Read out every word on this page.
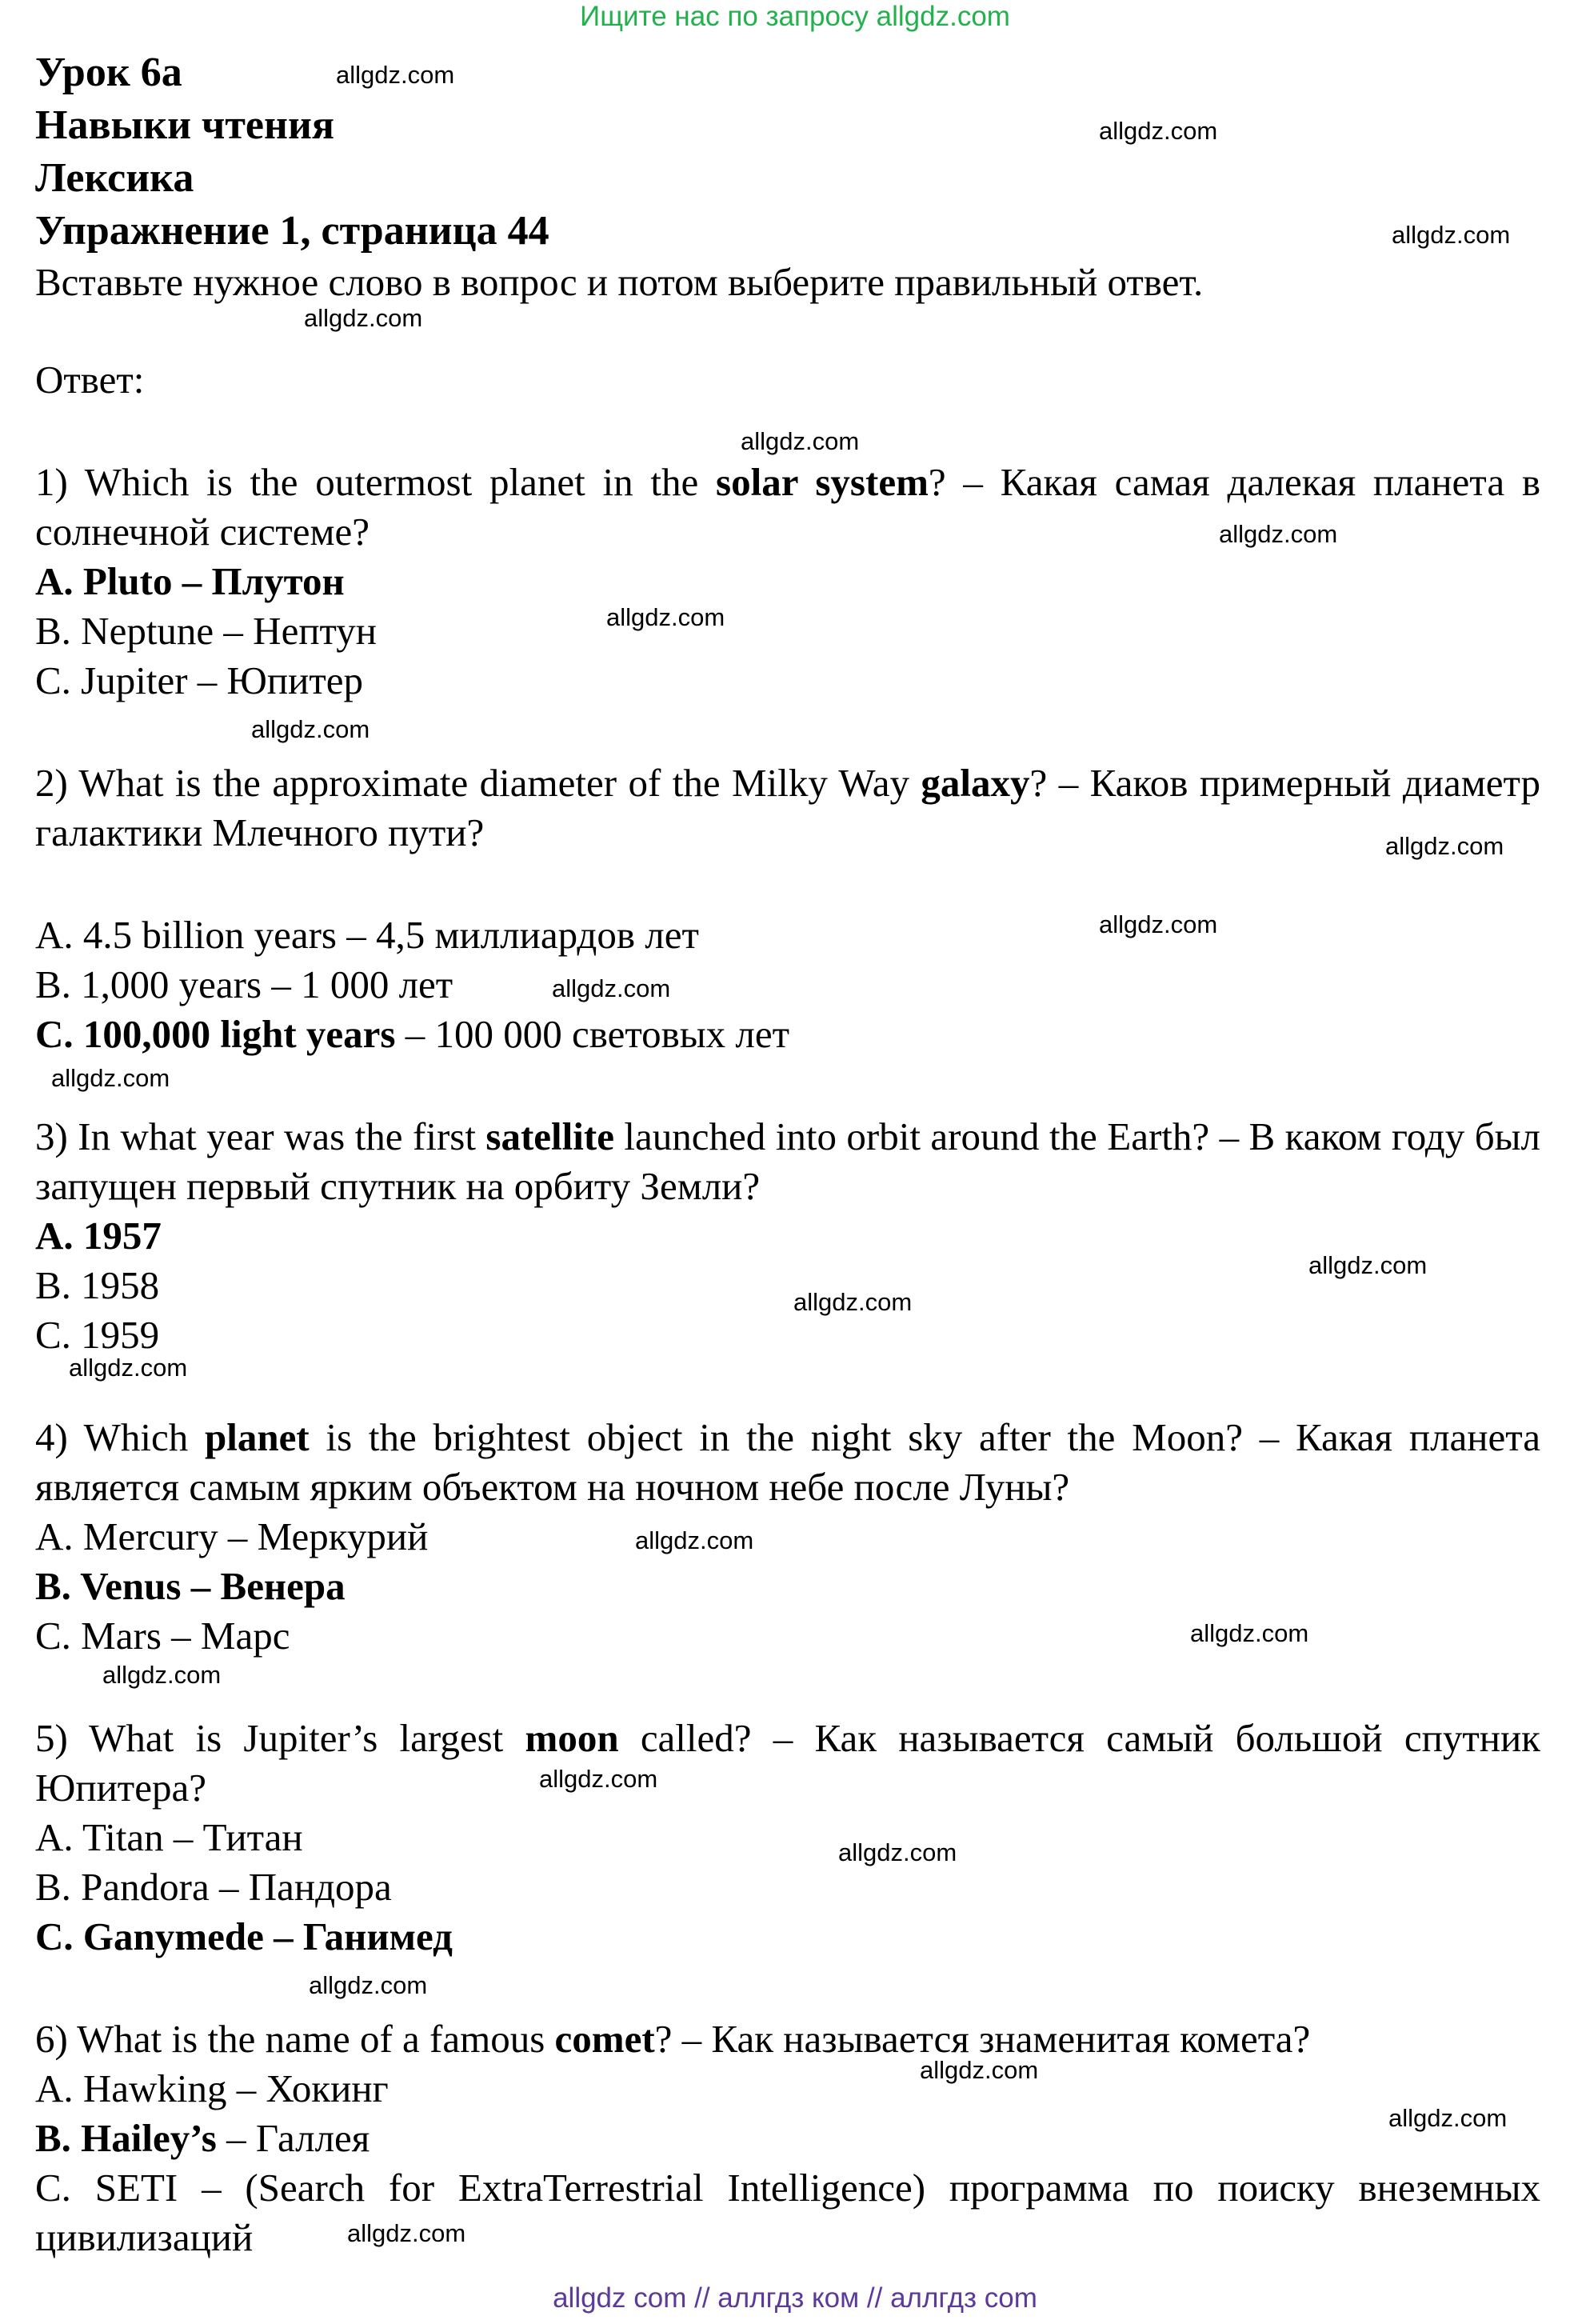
Ищите нас по запросу allgdz.com
Урок 6а
Навыки чтения
Лексика
Упражнение 1, страница 44
Вставьте нужное слово в вопрос и потом выберите правильный ответ.
Ответ:
1) Which is the outermost planet in the solar system? – Какая самая далекая планета в солнечной системе?
A. Pluto – Плутон
B. Neptune – Нептун
C. Jupiter – Юпитер
2) What is the approximate diameter of the Milky Way galaxy? – Каков примерный диаметр галактики Млечного пути?
A. 4.5 billion years – 4,5 миллиардов лет
B. 1,000 years – 1 000 лет
C. 100,000 light years – 100 000 световых лет
3) In what year was the first satellite launched into orbit around the Earth? – В каком году был запущен первый спутник на орбиту Земли?
A. 1957
B. 1958
C. 1959
4) Which planet is the brightest object in the night sky after the Moon? – Какая планета является самым ярким объектом на ночном небе после Луны?
A. Mercury – Меркурий
B. Venus – Венера
C. Mars – Марс
5) What is Jupiter’s largest moon called? – Как называется самый большой спутник Юпитера?
A. Titan – Титан
B. Pandora – Пандора
C. Ganymede – Ганимед
6) What is the name of a famous comet? – Как называется знаменитая комета?
A. Hawking – Хокинг
B. Hailey’s – Галлея
C. SETI – (Search for ExtraTerrestrial Intelligence) программа по поиску внеземных цивилизаций
allgdz.com
allgdz.com
allgdz.com
allgdz.com
allgdz.com
allgdz.com
allgdz.com
allgdz.com
allgdz.com
allgdz.com
allgdz.com
allgdz.com
allgdz.com
allgdz.com
allgdz.com
allgdz.com
allgdz.com
allgdz.com
allgdz.com
allgdz.com
allgdz.com
allgdz.com
allgdz.com
allgdz.com
allgdz com // аллгдз ком // аллгдз com
